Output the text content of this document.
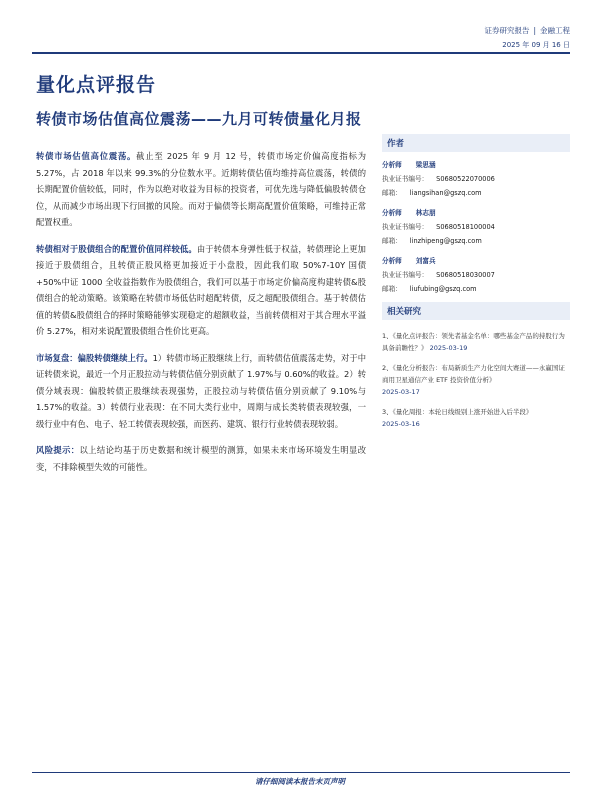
证券研究报告 | 金融工程
2025 年 09 月 16 日
量化点评报告
转债市场估值高位震荡——九月可转债量化月报

转债市场估值高位震荡。截止至 2025 年 9 月 12 号，转债市场定价偏高度指标为 5.27%，占 2018 年以来 99.3%的分位数水平。近期转债估值均维持高位震荡，转债的长期配置价值较低，同时，作为以绝对收益为目标的投资者，可优先选与降低偏股转债仓位，从而减少市场出现下行回撤的风险。而对于偏债等长期高配置价值策略，可维持正常配置权重。

转债相对于股债组合的配置价值同样较低。由于转债本身弹性低于权益，转债理论上更加接近于股债组合，且转债正股风格更加接近于小盘股，因此我们取 50%7-10Y 国债+50%中证 1000 全收益指数作为股债组合，我们可以基于市场定价偏高度构建转债&股债组合的轮动策略。该策略在转债市场低估时超配转债，反之超配股债组合。基于转债估值的转债&股债组合的择时策略能够实现稳定的超额收益，当前转债相对于其合理水平溢价 5.27%，相对来说配置股债组合性价比更高。

市场复盘：偏股转债继续上行。1）转债市场正股继续上行，而转债估值震荡走势，对于中证转债来说，最近一个月正股拉动与转债估值分别贡献了 1.97%与 0.60%的收益。2）转债分域表现：偏股转债正股继续表现强势，正股拉动与转债估值分别贡献了 9.10%与 1.57%的收益。3）转债行业表现：在不同大类行业中，周期与成长类转债表现较强，一级行业中有色、电子、轻工转债表现较强，而医药、建筑、银行行业转债表现较弱。

风险提示：以上结论均基于历史数据和统计模型的测算，如果未来市场环境发生明显改变，不排除模型失效的可能性。

作者
分析师 梁思涵
执业证书编号： S0680522070006
邮箱： liangsihan@gszq.com
分析师 林志朋
执业证书编号： S0680518100004
邮箱： linzhipeng@gszq.com
分析师 刘富兵
执业证书编号： S0680518030007
邮箱： liufubing@gszq.com
相关研究
1、《量化点评报告：领先者基金名单：哪些基金产品的持股行为具备前瞻性？》 2025-03-19
2、《量化分析报告：布局新质生产力化空间大赛道——永赢国证商用卫星通信产业 ETF 投资价值分析》
2025-03-17
3、《量化周报：本轮日线级别上涨开始进入后半段》
2025-03-16
请仔细阅读本报告末页声明
